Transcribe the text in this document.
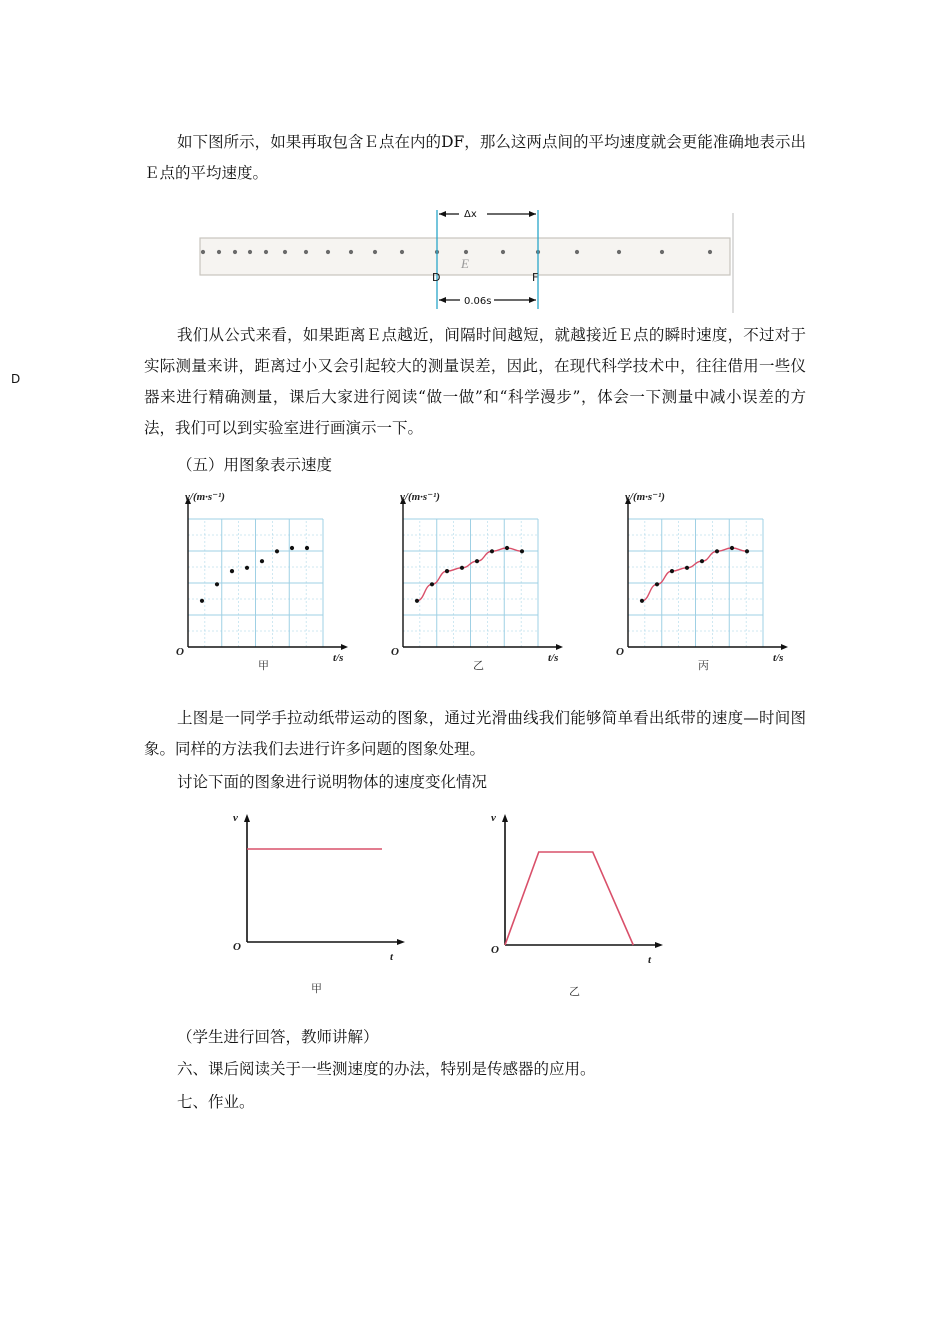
如下图所示，如果再取包含Ｅ点在内的DF，那么这两点间的平均速度就会更能准确地表示出Ｅ点的平均速度。

Δx
E
D	F
0.06s

我们从公式来看，如果距离Ｅ点越近，间隔时间越短，就越接近Ｅ点的瞬时速度，不过对于实际测量来讲，距离过小又会引起较大的测量误差，因此，在现代科学技术中，往往借用一些仪器来进行精确测量，课后大家进行阅读“做一做”和“科学漫步”，体会一下测量中减小误差的方法，我们可以到实验室进行画演示一下。

D

（五）用图象表示速度

v/(m·s⁻¹)
t/s
O
甲
v/(m·s⁻¹)
t/s
O
乙
v/(m·s⁻¹)
t/s
O
丙

上图是一同学手拉动纸带运动的图象，通过光滑曲线我们能够简单看出纸带的速度—时间图象。同样的方法我们去进行许多问题的图象处理。

讨论下面的图象进行说明物体的速度变化情况

v
t
O
甲
v
t
O
乙

（学生进行回答，教师讲解）

六、课后阅读关于一些测速度的办法，特别是传感器的应用。

七、作业。
